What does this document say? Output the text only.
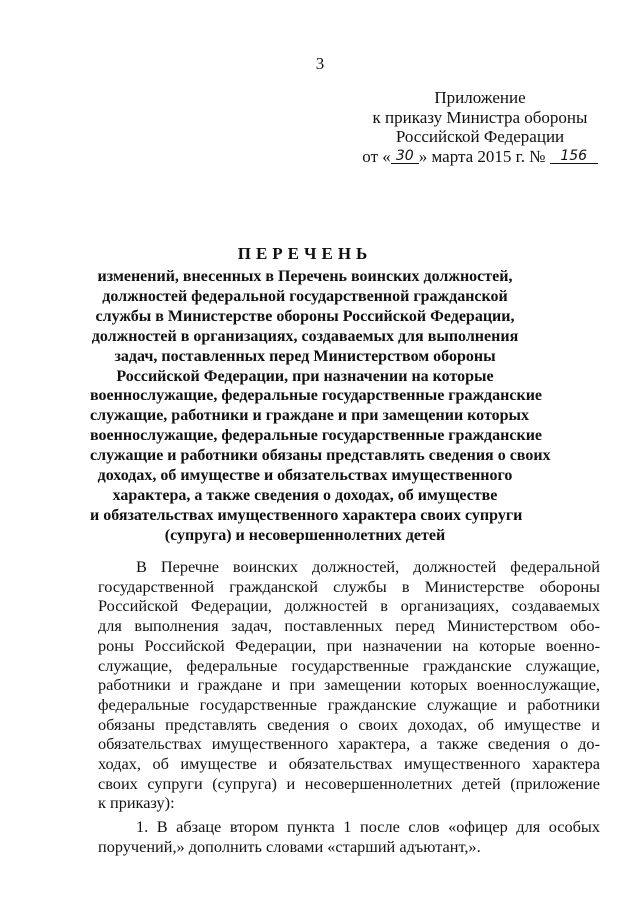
3
Приложение
к приказу Министра обороны
Российской Федерации
от « 30 » марта 2015 г. № 156
ПЕРЕЧЕНЬ
изменений, внесенных в Перечень воинских должностей,
должностей федеральной государственной гражданской
службы в Министерстве обороны Российской Федерации,
должностей в организациях, создаваемых для выполнения
задач, поставленных перед Министерством обороны
Российской Федерации, при назначении на которые
военнослужащие, федеральные государственные гражданские
служащие, работники и граждане и при замещении которых
военнослужащие, федеральные государственные гражданские
служащие и работники обязаны представлять сведения о своих
доходах, об имуществе и обязательствах имущественного
характера, а также сведения о доходах, об имуществе
и обязательствах имущественного характера своих супруги
(супруга) и несовершеннолетних детей
В Перечне воинских должностей, должностей федеральной
государственной гражданской службы в Министерстве обороны
Российской Федерации, должностей в организациях, создаваемых
для выполнения задач, поставленных перед Министерством обо-
роны Российской Федерации, при назначении на которые военно-
служащие, федеральные государственные гражданские служащие,
работники и граждане и при замещении которых военнослужащие,
федеральные государственные гражданские служащие и работники
обязаны представлять сведения о своих доходах, об имуществе и
обязательствах имущественного характера, а также сведения о до-
ходах, об имуществе и обязательствах имущественного характера
своих супруги (супруга) и несовершеннолетних детей (приложение
к приказу):
1. В абзаце втором пункта 1 после слов «офицер для особых
поручений,» дополнить словами «старший адъютант,».
